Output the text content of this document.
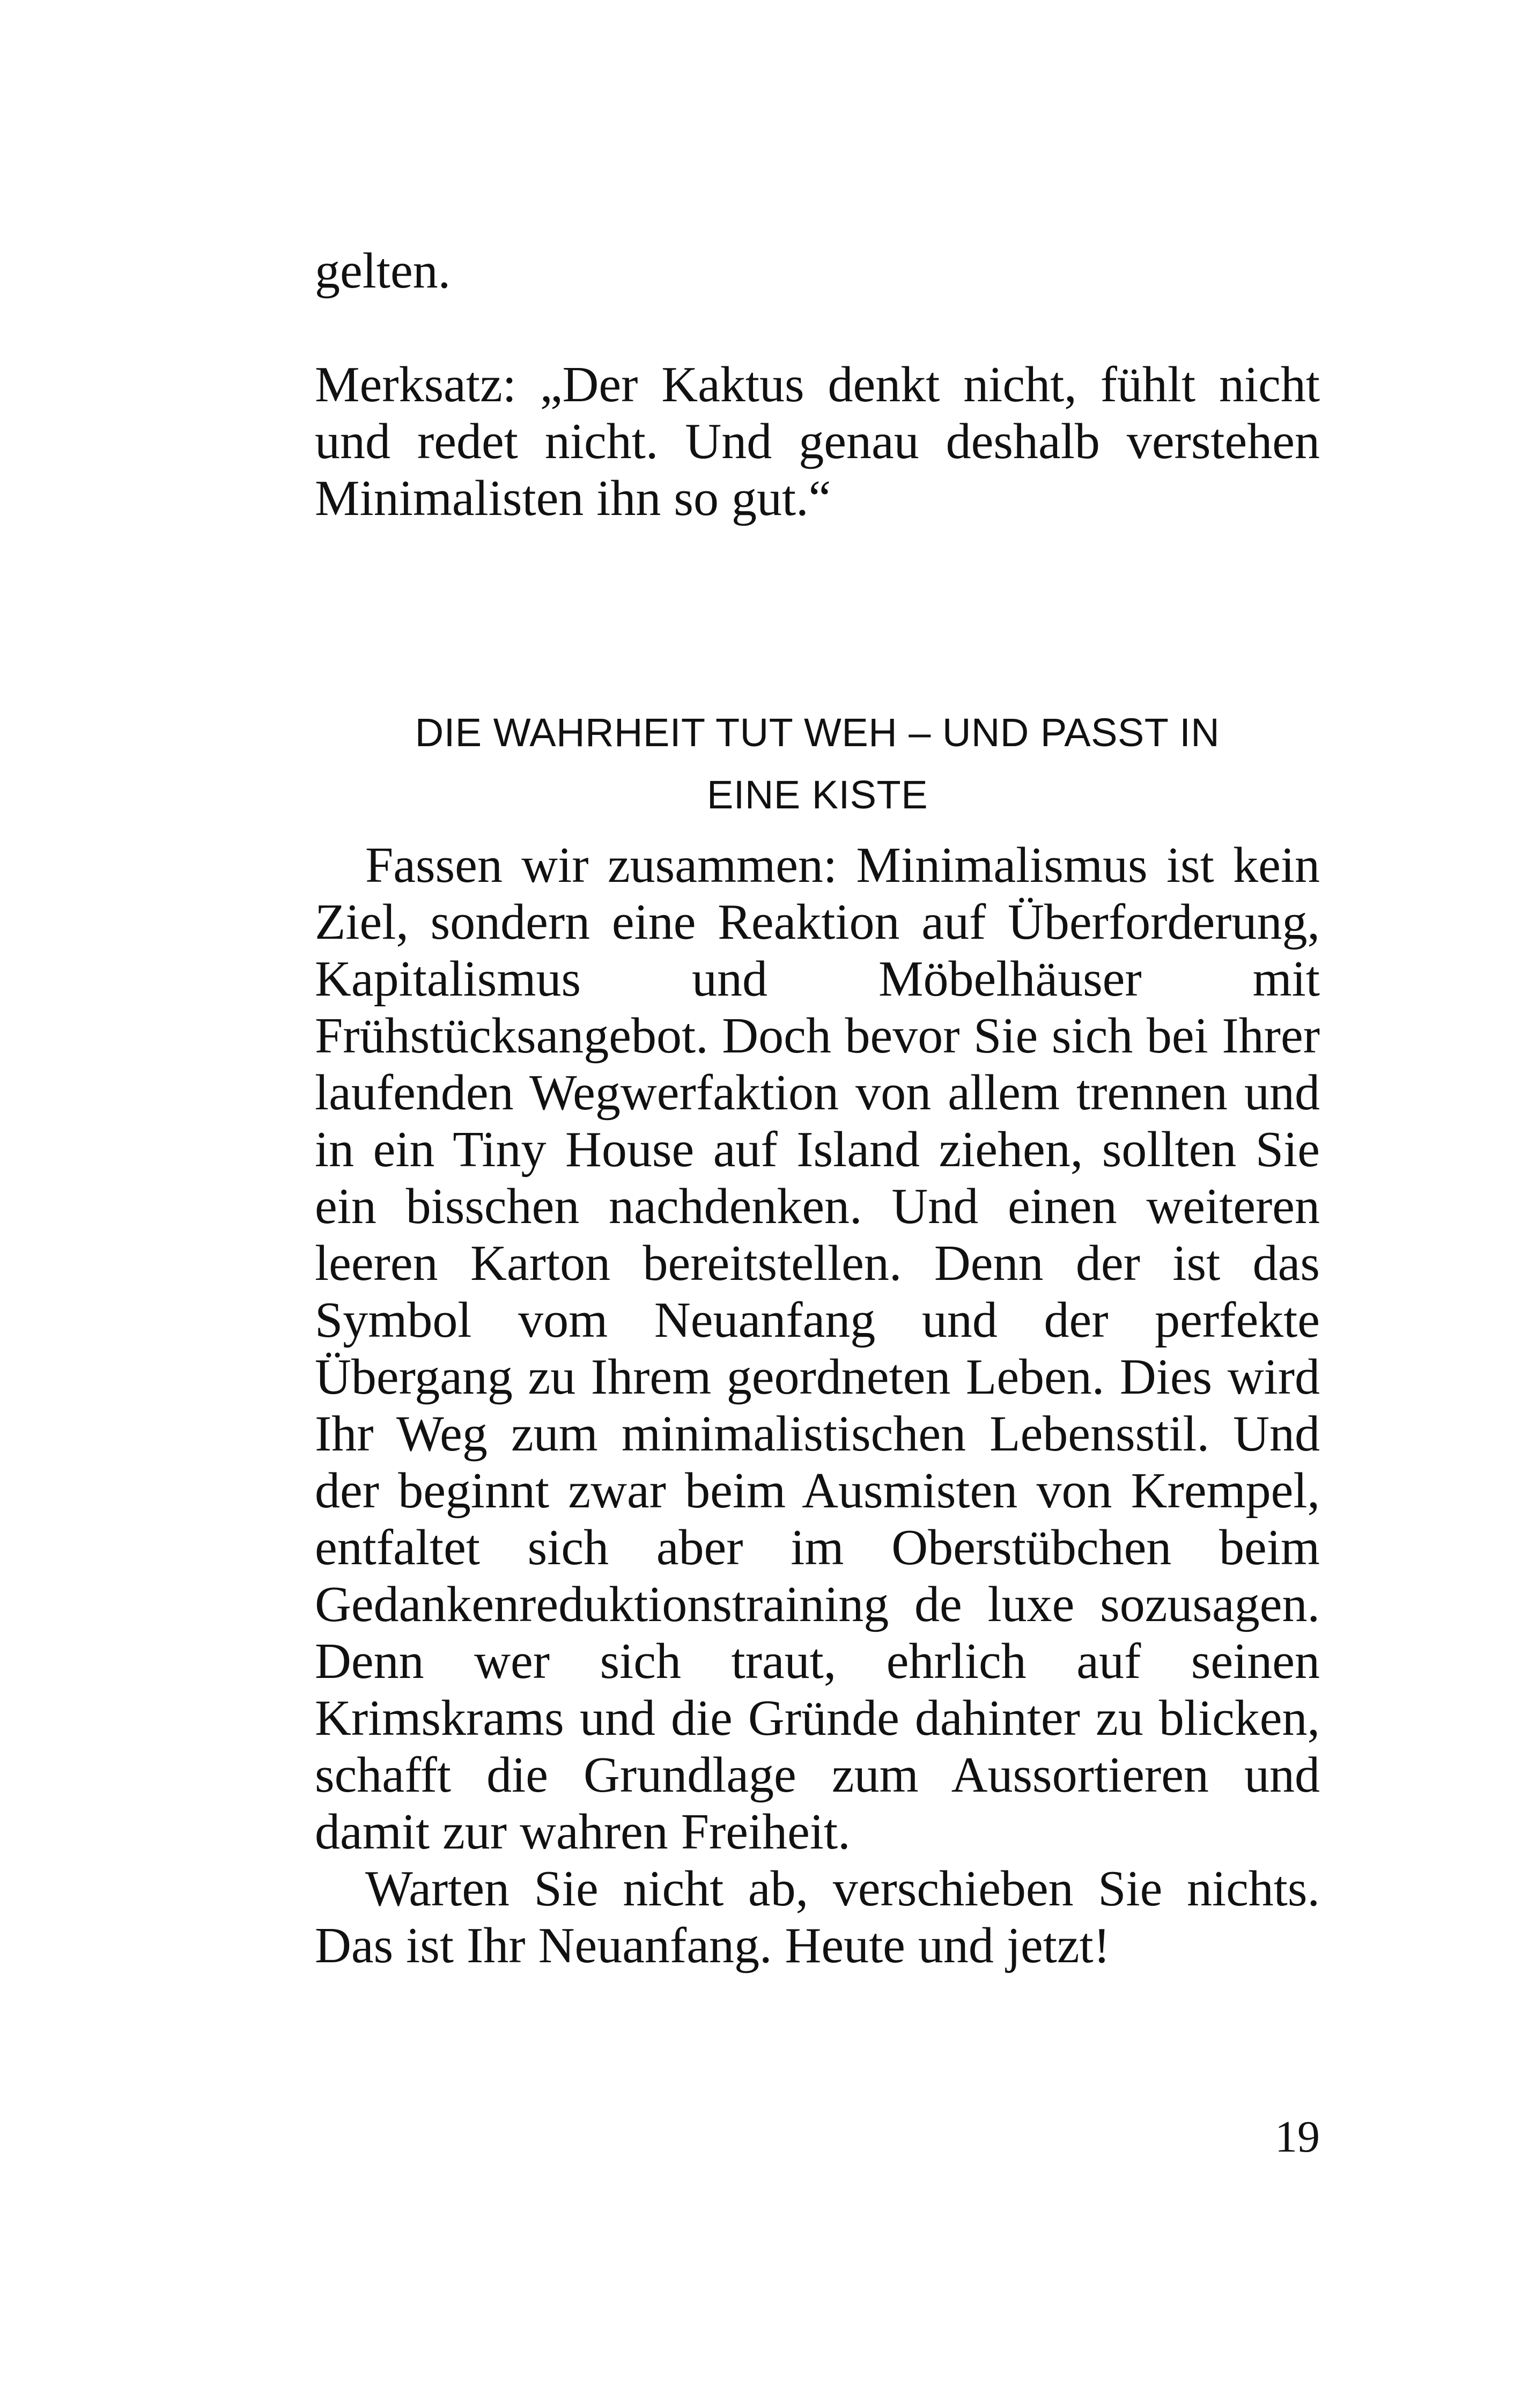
gelten.

Merksatz: „Der Kaktus denkt nicht, fühlt nicht und redet nicht. Und genau deshalb verstehen Minimalisten ihn so gut.“

DIE WAHRHEIT TUT WEH – UND PASST IN
EINE KISTE

Fassen wir zusammen: Minimalismus ist kein Ziel, sondern eine Reaktion auf Überforderung, Kapitalismus und Möbelhäuser mit Frühstücksangebot. Doch bevor Sie sich bei Ihrer laufenden Wegwerfaktion von allem trennen und in ein Tiny House auf Island ziehen, sollten Sie ein bisschen nachdenken. Und einen weiteren leeren Karton bereitstellen. Denn der ist das Symbol vom Neuanfang und der perfekte Übergang zu Ihrem geordneten Leben. Dies wird Ihr Weg zum minimalistischen Lebensstil. Und der beginnt zwar beim Ausmisten von Krempel, entfaltet sich aber im Oberstübchen beim Gedankenreduktionstraining de luxe sozusagen. Denn wer sich traut, ehrlich auf seinen Krimskrams und die Gründe dahinter zu blicken, schafft die Grundlage zum Aussortieren und damit zur wahren Freiheit.

Warten Sie nicht ab, verschieben Sie nichts. Das ist Ihr Neuanfang. Heute und jetzt!

19
